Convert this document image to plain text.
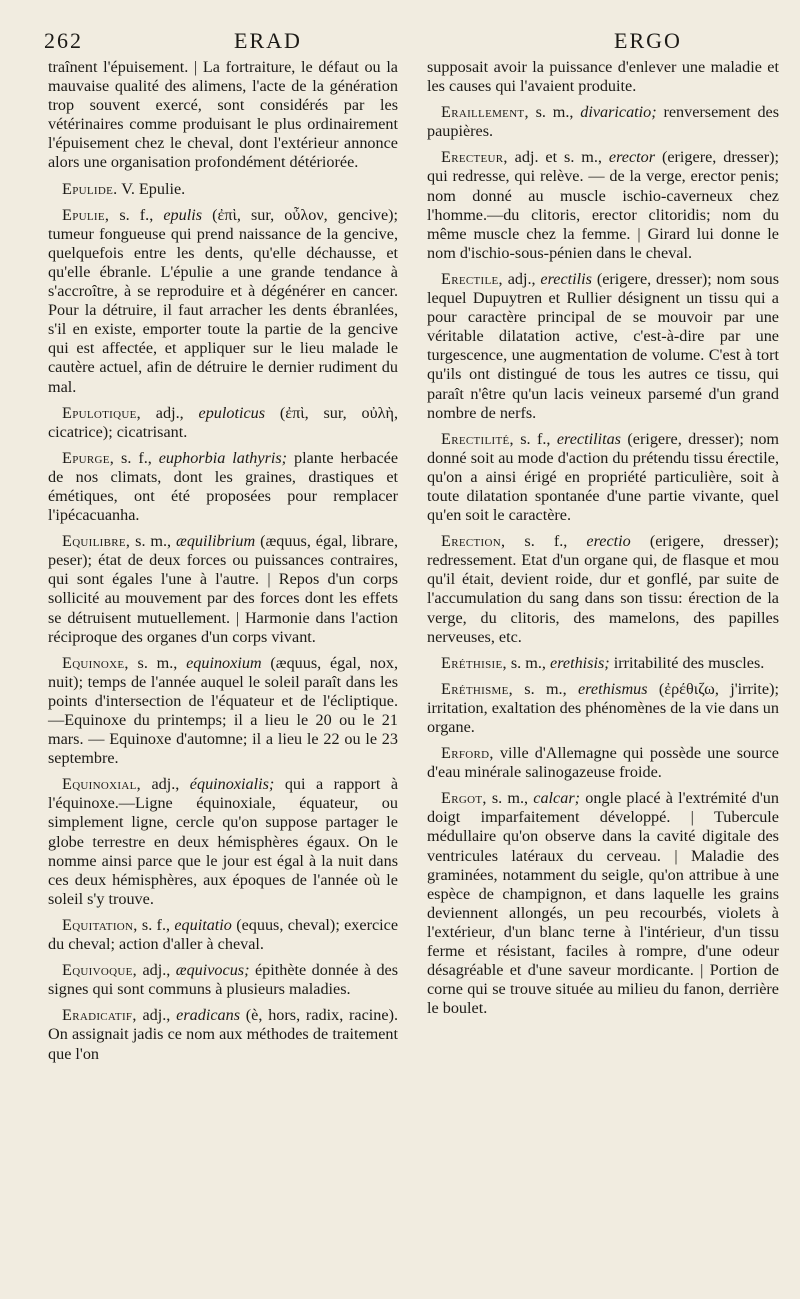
262	ERAD	ERGO

traînent l'épuisement. | La fortraiture, le défaut ou la mauvaise qualité des alimens, l'acte de la génération trop souvent exercé, sont considérés par les vétérinaires comme produisant le plus ordinairement l'épuisement chez le cheval, dont l'extérieur annonce alors une organisation profondément détériorée.

Epulide. V. Epulie.

Epulie, s. f., epulis (ἐπὶ, sur, οὖλον, gencive); tumeur fongueuse qui prend naissance de la gencive, quelquefois entre les dents, qu'elle déchausse, et qu'elle ébranle. L'épulie a une grande tendance à s'accroître, à se reproduire et à dégénérer en cancer. Pour la détruire, il faut arracher les dents ébranlées, s'il en existe, emporter toute la partie de la gencive qui est affectée, et appliquer sur le lieu malade le cautère actuel, afin de détruire le dernier rudiment du mal.

Epulotique, adj., epuloticus (ἐπὶ, sur, οὐλὴ, cicatrice); cicatrisant.

Epurge, s. f., euphorbia lathyris; plante herbacée de nos climats, dont les graines, drastiques et émétiques, ont été proposées pour remplacer l'ipécacuanha.

Equilibre, s. m., æquilibrium (æquus, égal, librare, peser); état de deux forces ou puissances contraires, qui sont égales l'une à l'autre. | Repos d'un corps sollicité au mouvement par des forces dont les effets se détruisent mutuellement. | Harmonie dans l'action réciproque des organes d'un corps vivant.

Equinoxe, s. m., equinoxium (æquus, égal, nox, nuit); temps de l'année auquel le soleil paraît dans les points d'intersection de l'équateur et de l'écliptique. —Equinoxe du printemps; il a lieu le 20 ou le 21 mars. — Equinoxe d'automne; il a lieu le 22 ou le 23 septembre.

Equinoxial, adj., équinoxialis; qui a rapport à l'équinoxe.—Ligne équinoxiale, équateur, ou simplement ligne, cercle qu'on suppose partager le globe terrestre en deux hémisphères égaux. On le nomme ainsi parce que le jour est égal à la nuit dans ces deux hémisphères, aux époques de l'année où le soleil s'y trouve.

Equitation, s. f., equitatio (equus, cheval); exercice du cheval; action d'aller à cheval.

Equivoque, adj., æquivocus; épithète donnée à des signes qui sont communs à plusieurs maladies.

Eradicatif, adj., eradicans (è, hors, radix, racine). On assignait jadis ce nom aux méthodes de traitement que l'on

supposait avoir la puissance d'enlever une maladie et les causes qui l'avaient produite.

Eraillement, s. m., divaricatio; renversement des paupières.

Erecteur, adj. et s. m., erector (erigere, dresser); qui redresse, qui relève. — de la verge, erector penis; nom donné au muscle ischio-caverneux chez l'homme.—du clitoris, erector clitoridis; nom du même muscle chez la femme. | Girard lui donne le nom d'ischio-sous-pénien dans le cheval.

Erectile, adj., erectilis (erigere, dresser); nom sous lequel Dupuytren et Rullier désignent un tissu qui a pour caractère principal de se mouvoir par une véritable dilatation active, c'est-à-dire par une turgescence, une augmentation de volume. C'est à tort qu'ils ont distingué de tous les autres ce tissu, qui paraît n'être qu'un lacis veineux parsemé d'un grand nombre de nerfs.

Erectilité, s. f., erectilitas (erigere, dresser); nom donné soit au mode d'action du prétendu tissu érectile, qu'on a ainsi érigé en propriété particulière, soit à toute dilatation spontanée d'une partie vivante, quel qu'en soit le caractère.

Erection, s. f., erectio (erigere, dresser); redressement. Etat d'un organe qui, de flasque et mou qu'il était, devient roide, dur et gonflé, par suite de l'accumulation du sang dans son tissu: érection de la verge, du clitoris, des mamelons, des papilles nerveuses, etc.

Eréthisie, s. m., erethisis; irritabilité des muscles.

Eréthisme, s. m., erethismus (ἐρέθιζω, j'irrite); irritation, exaltation des phénomènes de la vie dans un organe.

Erford, ville d'Allemagne qui possède une source d'eau minérale salinogazeuse froide.

Ergot, s. m., calcar; ongle placé à l'extrémité d'un doigt imparfaitement développé. | Tubercule médullaire qu'on observe dans la cavité digitale des ventricules latéraux du cerveau. | Maladie des graminées, notamment du seigle, qu'on attribue à une espèce de champignon, et dans laquelle les grains deviennent allongés, un peu recourbés, violets à l'extérieur, d'un blanc terne à l'intérieur, d'un tissu ferme et résistant, faciles à rompre, d'une odeur désagréable et d'une saveur mordicante. | Portion de corne qui se trouve située au milieu du fanon, derrière le boulet.
